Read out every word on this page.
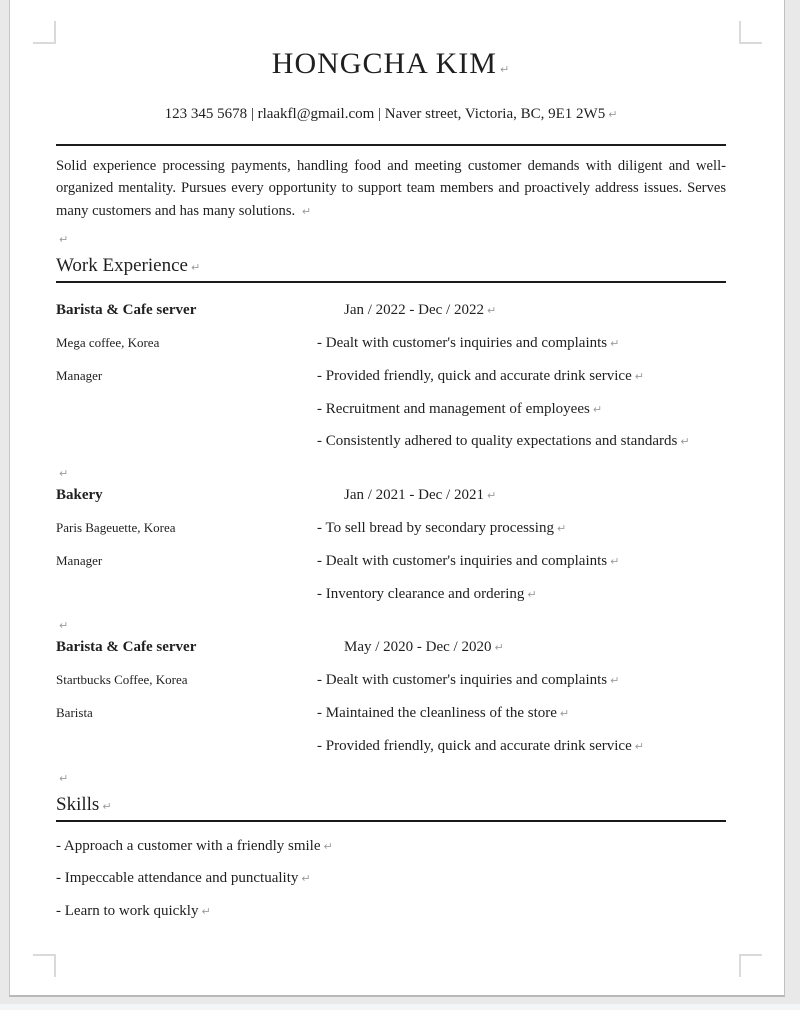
HONGCHA KIM ↵
123 345 5678 | rlaakfl@gmail.com | Naver street, Victoria, BC, 9E1 2W5 ↵
Solid experience processing payments, handling food and meeting customer demands with diligent and well-organized mentality. Pursues every opportunity to support team members and proactively address issues. Serves many customers and has many solutions. ↵
↵
Work Experience ↵
Barista & Cafe server	Jan / 2022 - Dec / 2022 ↵
Mega coffee, Korea	- Dealt with customer's inquiries and complaints ↵
Manager	- Provided friendly, quick and accurate drink service ↵
- Recruitment and management of employees ↵
- Consistently adhered to quality expectations and standards ↵
↵
Bakery	Jan / 2021 - Dec / 2021 ↵
Paris Bageuette, Korea	- To sell bread by secondary processing ↵
Manager	- Dealt with customer's inquiries and complaints ↵
- Inventory clearance and ordering ↵
↵
Barista & Cafe server	May / 2020 - Dec / 2020 ↵
Startbucks Coffee, Korea	- Dealt with customer's inquiries and complaints ↵
Barista	- Maintained the cleanliness of the store ↵
- Provided friendly, quick and accurate drink service ↵
↵
Skills ↵
- Approach a customer with a friendly smile ↵
- Impeccable attendance and punctuality ↵
- Learn to work quickly ↵
